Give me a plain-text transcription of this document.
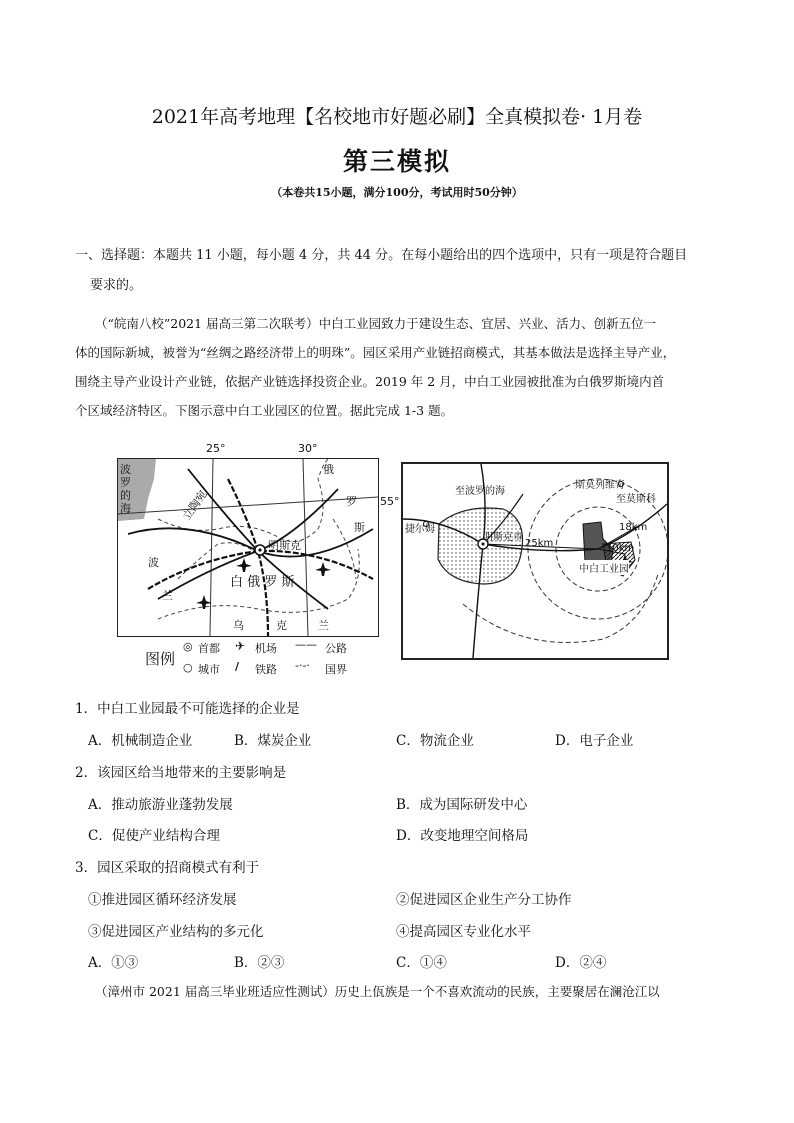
2021年高考地理【名校地市好题必刷】全真模拟卷· 1月卷
第三模拟
（本卷共15小题，满分100分，考试用时50分钟）
一、选择题：本题共 11 小题，每小题 4 分，共 44 分。在每小题给出的四个选项中，只有一项是符合题目
要求的。
（“皖南八校”2021 届高三第二次联考）中白工业园致力于建设生态、宜居、兴业、活力、创新五位一
体的国际新城，被誉为“丝绸之路经济带上的明珠”。园区采用产业链招商模式，其基本做法是选择主导产业，
围绕主导产业设计产业链，依据产业链选择投资企业。2019 年 2 月，中白工业园被批准为白俄罗斯境内首
个区域经济特区。下图示意中白工业园区的位置。据此完成 1-3 题。
25°	30°
55°
波
罗
的
海	立陶宛
俄
罗
斯
波
兰
乌	克	兰
白 俄 罗 斯
明斯克
图例
◎ 首都 ✈ 机场 —— 公路
○ 城市 ∕ 铁路 -·-· 国界
至波罗的海
斯莫列维奇
至莫斯科
捷尔姆
明斯克市
25km
18km
10km
中白工业园
1．中白工业园最不可能选择的企业是
A．机械制造企业	B．煤炭企业	C．物流企业	D．电子企业
2．该园区给当地带来的主要影响是
A．推动旅游业蓬勃发展	B．成为国际研发中心
C．促使产业结构合理	D．改变地理空间格局
3．园区采取的招商模式有利于
①推进园区循环经济发展	②促进园区企业生产分工协作
③促进园区产业结构的多元化	④提高园区专业化水平
A．①③	B．②③	C．①④	D．②④
（漳州市 2021 届高三毕业班适应性测试）历史上佤族是一个不喜欢流动的民族，主要聚居在澜沧江以
